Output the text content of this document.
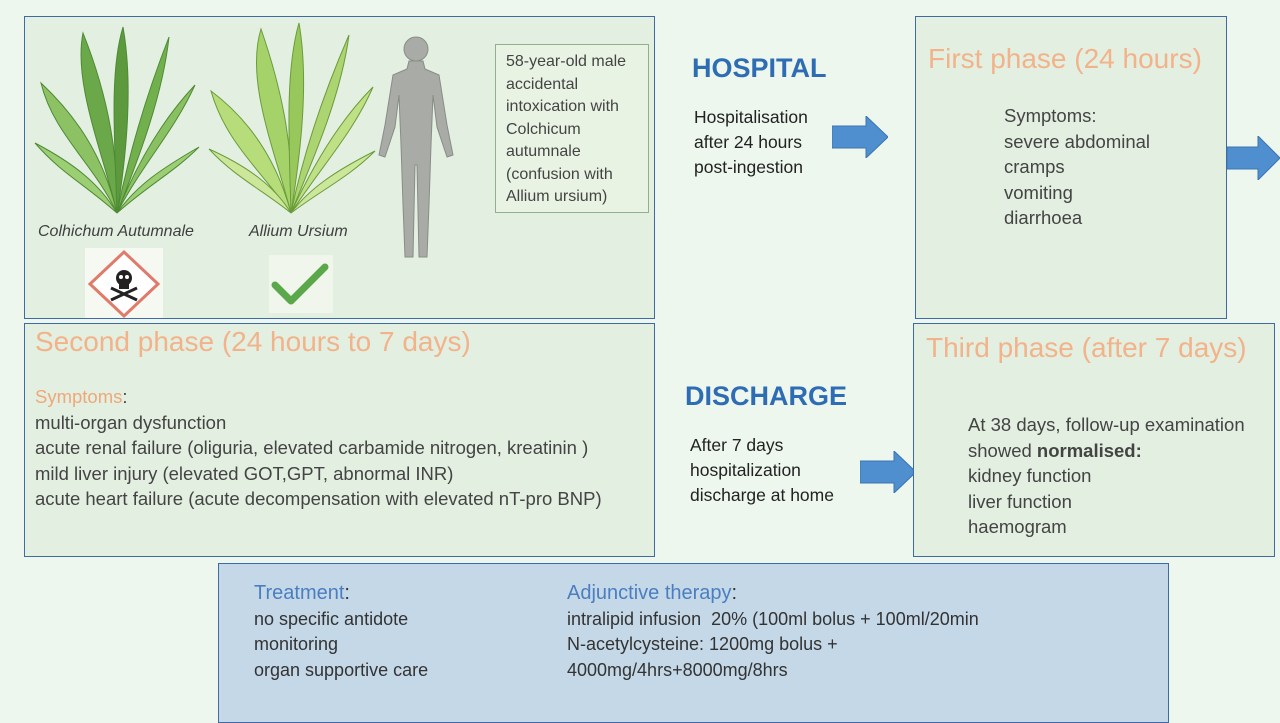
Colhichum Autumnale	Allium Ursium
58-year-old male
accidental
intoxication with
Colchicum
autumnale
(confusion with
Allium ursium)
HOSPITAL
Hospitalisation
after 24 hours
post-ingestion
First phase (24 hours)
Symptoms:
severe abdominal
cramps
vomiting
diarrhoea
Second phase (24 hours to 7 days)
Symptoms:
multi-organ dysfunction
acute renal failure (oliguria, elevated carbamide nitrogen, kreatinin )
mild liver injury (elevated GOT,GPT, abnormal INR)
acute heart failure (acute decompensation with elevated nT-pro BNP)
DISCHARGE
After 7 days
hospitalization
discharge at home
Third phase (after 7 days)
At 38 days, follow-up examination
showed normalised:
kidney function
liver function
haemogram
Treatment:
no specific antidote
monitoring
organ supportive care
Adjunctive therapy:
intralipid infusion  20% (100ml bolus + 100ml/20min
N-acetylcysteine: 1200mg bolus +
4000mg/4hrs+8000mg/8hrs
